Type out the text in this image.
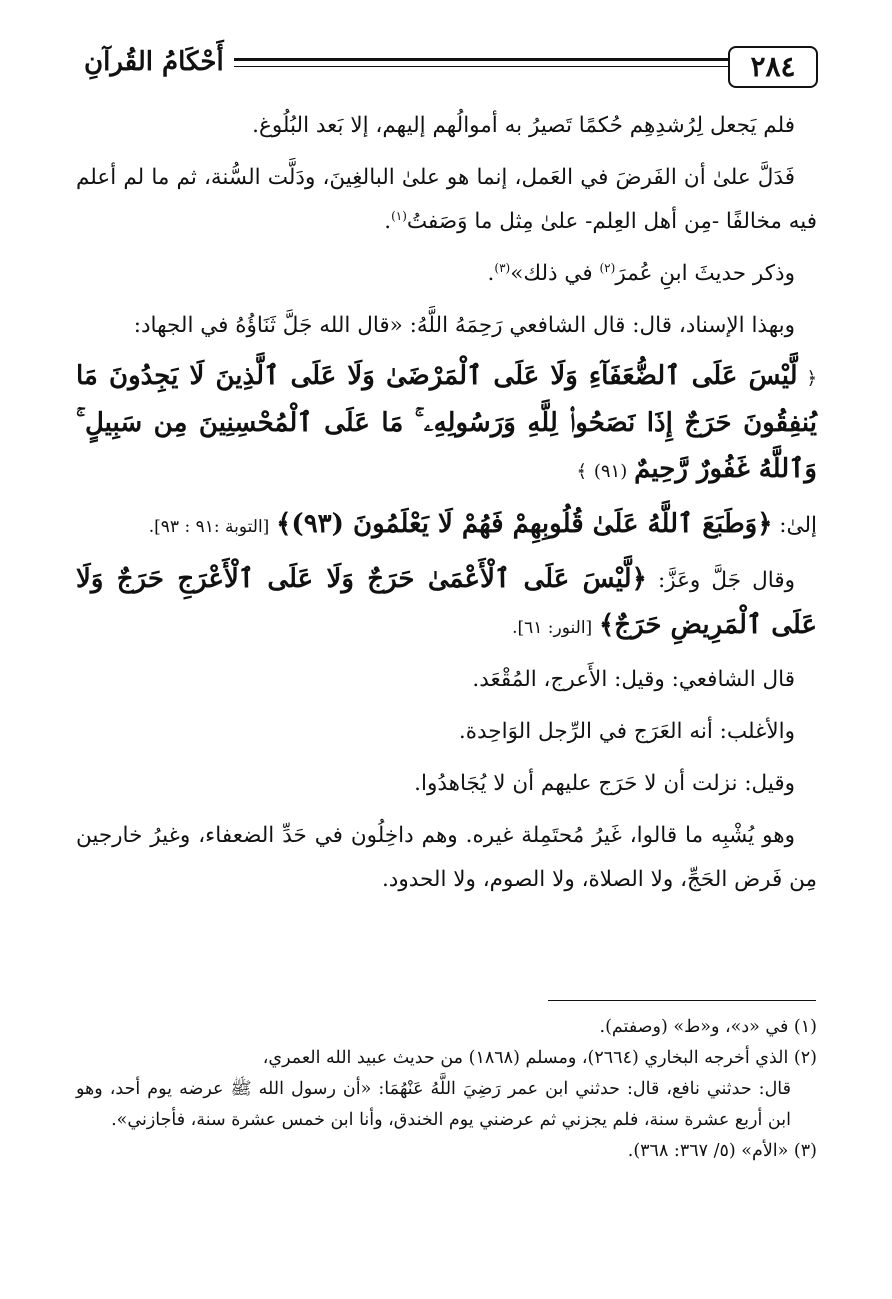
٢٨٤
أَحْكَامُ القُرآنِ

فلم يَجعل لِرُشدِهِم حُكمًا تَصيرُ به أموالُهم إليهم، إلا بَعد البُلُوغ.

فَدَلَّ علىٰ أن الفَرضَ في العَمل، إنما هو علىٰ البالغِينَ، ودَلَّت السُّنة، ثم ما لم أعلم فيه مخالفًا -مِن أهل العِلم- علىٰ مِثل ما وَصَفتُ$^{(١)}$.

وذكر حديثَ ابنِ عُمرَ$^{(٢)}$ في ذلك»$^{(٣)}$.

وبهذا الإسناد، قال: قال الشافعي رَحِمَهُ اللَّهُ: «قال الله جَلَّ ثَنَاؤُهُ في الجهاد:

﴿ لَّيْسَ عَلَى ٱلضُّعَفَآءِ وَلَا عَلَى ٱلْمَرْضَىٰ وَلَا عَلَى ٱلَّذِينَ لَا يَجِدُونَ مَا يُنفِقُونَ حَرَجٌ إِذَا نَصَحُوا۟ لِلَّهِ وَرَسُولِهِۦ ۚ مَا عَلَى ٱلْمُحْسِنِينَ مِن سَبِيلٍ ۚ وَٱللَّهُ غَفُورٌ رَّحِيمٌ (٩١) ﴾

إلىٰ: ﴿وَطَبَعَ ٱللَّهُ عَلَىٰ قُلُوبِهِمْ فَهُمْ لَا يَعْلَمُونَ (٩٣)﴾ [التوبة :٩١ : ٩٣].

وقال جَلَّ وعَزَّ: ﴿لَّيْسَ عَلَى ٱلْأَعْمَىٰ حَرَجٌ وَلَا عَلَى ٱلْأَعْرَجِ حَرَجٌ وَلَا عَلَى ٱلْمَرِيضِ حَرَجٌ﴾ [النور: ٦١].

قال الشافعي: وقيل: الأَعرج، المُقْعَد.

والأغلب: أنه العَرَج في الرِّجل الوَاحِدة.

وقيل: نزلت أن لا حَرَج عليهم أن لا يُجَاهدُوا.

وهو يُشْبِه ما قالوا، غَيرُ مُحتَمِلة غيره. وهم داخِلُون في حَدِّ الضعفاء، وغيرُ خارجين مِن فَرض الحَجِّ، ولا الصلاة، ولا الصوم، ولا الحدود.

(١) في «د»، و«ط» (وصفتم).

(٢) الذي أخرجه البخاري (٢٦٦٤)، ومسلم (١٨٦٨) من حديث عبيد الله العمري،
قال: حدثني نافع، قال: حدثني ابن عمر رَضِيَ اللَّهُ عَنْهُمَا: «أن رسول الله ﷺ عرضه يوم أحد، وهو ابن أربع عشرة سنة، فلم يجزني ثم عرضني يوم الخندق، وأنا ابن خمس عشرة سنة، فأجازني».

(٣) «الأم» (٥/ ٣٦٧: ٣٦٨).
